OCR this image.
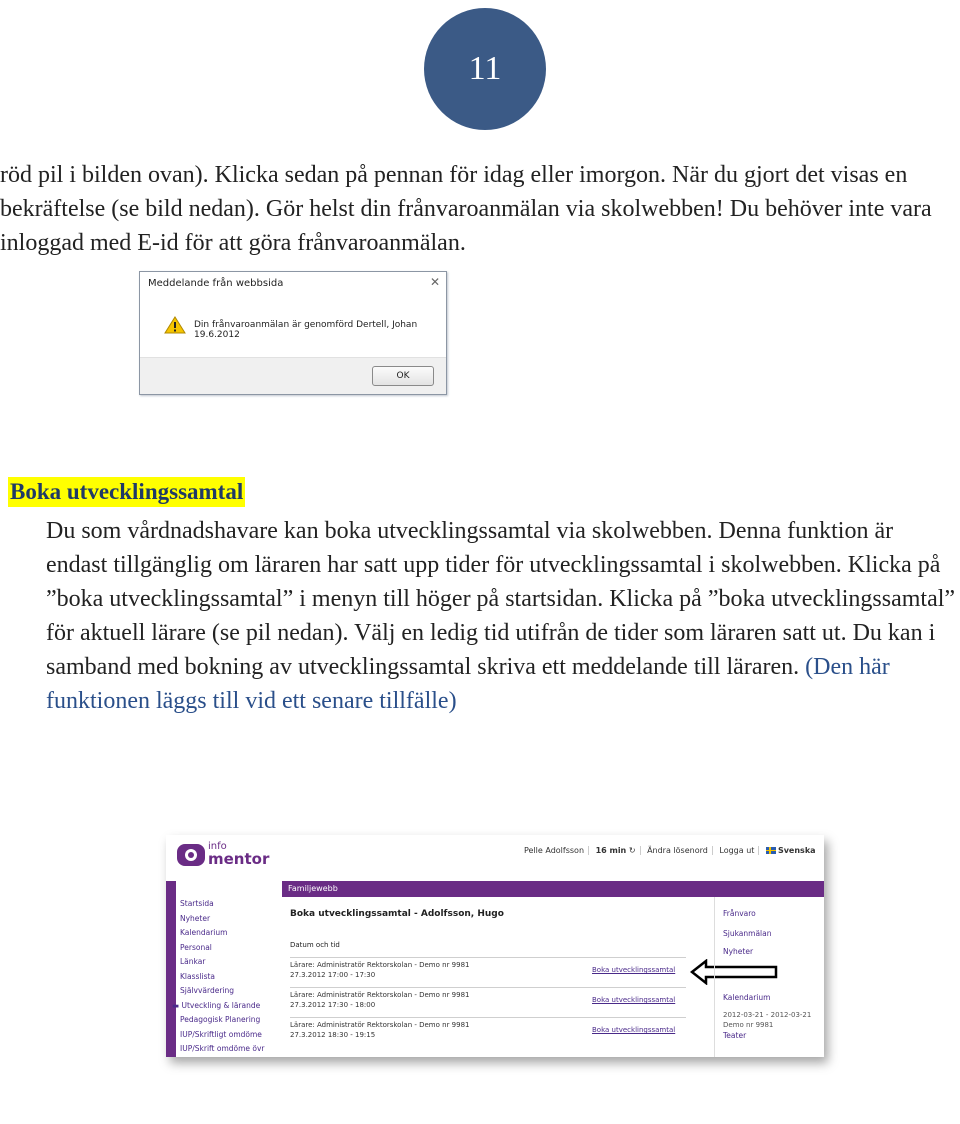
11

röd pil i bilden ovan). Klicka sedan på pennan för idag eller imorgon. När du gjort det visas en bekräftelse (se bild nedan). Gör helst din frånvaroanmälan via skolwebben! Du behöver inte vara inloggad med E-id för att göra frånvaroanmälan.

Meddelande från webbsida	✕
Din frånvaroanmälan är genomförd Dertell, Johan 19.6.2012
OK
Boka utvecklingssamtal

Du som vårdnadshavare kan boka utvecklingssamtal via skolwebben. Denna funktion är endast tillgänglig om läraren har satt upp tider för utvecklingssamtal i skolwebben. Klicka på ”boka utvecklingssamtal” i menyn till höger på startsidan. Klicka på ”boka utvecklingssamtal” för aktuell lärare (se pil nedan). Välj en ledig tid utifrån de tider som läraren satt ut. Du kan i samband med bokning av utvecklingssamtal skriva ett meddelande till läraren. (Den här funktionen läggs till vid ett senare tillfälle)

info
mentor	Pelle Adolfsson 16 min ↻ Ändra lösenord Logga ut	Svenska
Familjewebb
Startsida
Nyheter
Kalendarium
Personal
Länkar
Klasslista
Självvärdering
▬ Utveckling & lärande
Pedagogisk Planering
IUP/Skriftligt omdöme
IUP/Skrift omdöme övr
Boka utvecklingssamtal - Adolfsson, Hugo
Datum och tid
Lärare: Administratör Rektorskolan - Demo nr 9981
27.3.2012 17:00 - 17:30
Boka utvecklingssamtal
Lärare: Administratör Rektorskolan - Demo nr 9981
27.3.2012 17:30 - 18:00
Boka utvecklingssamtal
Lärare: Administratör Rektorskolan - Demo nr 9981
27.3.2012 18:30 - 19:15
Boka utvecklingssamtal
Frånvaro
Sjukanmälan
Nyheter
Kalendarium
2012-03-21 - 2012-03-21
Demo nr 9981
Teater
